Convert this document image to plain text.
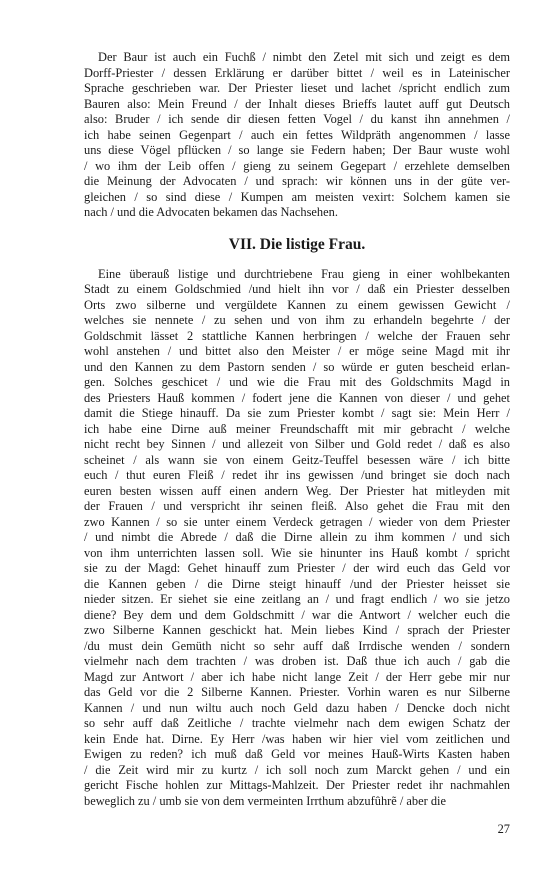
Der Baur ist auch ein Fuchß / nimbt den Zetel mit sich und zeigt es dem
Dorff-Priester / dessen Erklärung er darüber bittet / weil es in Lateinischer
Sprache geschrieben war. Der Priester lieset und lachet /spricht endlich zum
Bauren also: Mein Freund / der Inhalt dieses Brieffs lautet auff gut Deutsch
also: Bruder / ich sende dir diesen fetten Vogel / du kanst ihn annehmen /
ich habe seinen Gegenpart / auch ein fettes Wildpräth angenommen / lasse
uns diese Vögel pflücken / so lange sie Federn haben; Der Baur wuste wohl
/ wo ihm der Leib offen / gieng zu seinem Gegepart / erzehlete demselben
die Meinung der Advocaten / und sprach: wir können uns in der güte ver-
gleichen / so sind diese / Kumpen am meisten vexirt: Solchem kamen sie
nach / und die Advocaten bekamen das Nachsehen.
VII. Die listige Frau.
Eine überauß listige und durchtriebene Frau gieng in einer wohlbekanten
Stadt zu einem Goldschmied /und hielt ihn vor / daß ein Priester desselben
Orts zwo silberne und vergüldete Kannen zu einem gewissen Gewicht /
welches sie nennete / zu sehen und von ihm zu erhandeln begehrte / der
Goldschmit lässet 2 stattliche Kannen herbringen / welche der Frauen sehr
wohl anstehen / und bittet also den Meister / er möge seine Magd mit ihr
und den Kannen zu dem Pastorn senden / so würde er guten bescheid erlan-
gen. Solches geschicet / und wie die Frau mit des Goldschmits Magd in
des Priesters Hauß kommen / fodert jene die Kannen von dieser / und gehet
damit die Stiege hinauff. Da sie zum Priester kombt / sagt sie: Mein Herr /
ich habe eine Dirne auß meiner Freundschafft mit mir gebracht / welche
nicht recht bey Sinnen / und allezeit von Silber und Gold redet / daß es also
scheinet / als wann sie von einem Geitz-Teuffel besessen wäre / ich bitte
euch / thut euren Fleiß / redet ihr ins gewissen /und bringet sie doch nach
euren besten wissen auff einen andern Weg. Der Priester hat mitleyden mit
der Frauen / und verspricht ihr seinen fleiß. Also gehet die Frau mit den
zwo Kannen / so sie unter einem Verdeck getragen / wieder von dem Priester
/ und nimbt die Abrede / daß die Dirne allein zu ihm kommen / und sich
von ihm unterrichten lassen soll. Wie sie hinunter ins Hauß kombt / spricht
sie zu der Magd: Gehet hinauff zum Priester / der wird euch das Geld vor
die Kannen geben / die Dirne steigt hinauff /und der Priester heisset sie
nieder sitzen. Er siehet sie eine zeitlang an / und fragt endlich / wo sie jetzo
diene? Bey dem und dem Goldschmitt / war die Antwort / welcher euch die
zwo Silberne Kannen geschickt hat. Mein liebes Kind / sprach der Priester
/du must dein Gemüth nicht so sehr auff daß Irrdische wenden / sondern
vielmehr nach dem trachten / was droben ist. Daß thue ich auch / gab die
Magd zur Antwort / aber ich habe nicht lange Zeit / der Herr gebe mir nur
das Geld vor die 2 Silberne Kannen. Priester. Vorhin waren es nur Silberne
Kannen / und nun wiltu auch noch Geld dazu haben / Dencke doch nicht
so sehr auff daß Zeitliche / trachte vielmehr nach dem ewigen Schatz der
kein Ende hat. Dirne. Ey Herr /was haben wir hier viel vom zeitlichen und
Ewigen zu reden? ich muß daß Geld vor meines Hauß-Wirts Kasten haben
/ die Zeit wird mir zu kurtz / ich soll noch zum Marckt gehen / und ein
gericht Fische hohlen zur Mittags-Mahlzeit. Der Priester redet ihr nachmahlen
beweglich zu / umb sie von dem vermeinten Irrthum abzufûhrẽ / aber die
27
